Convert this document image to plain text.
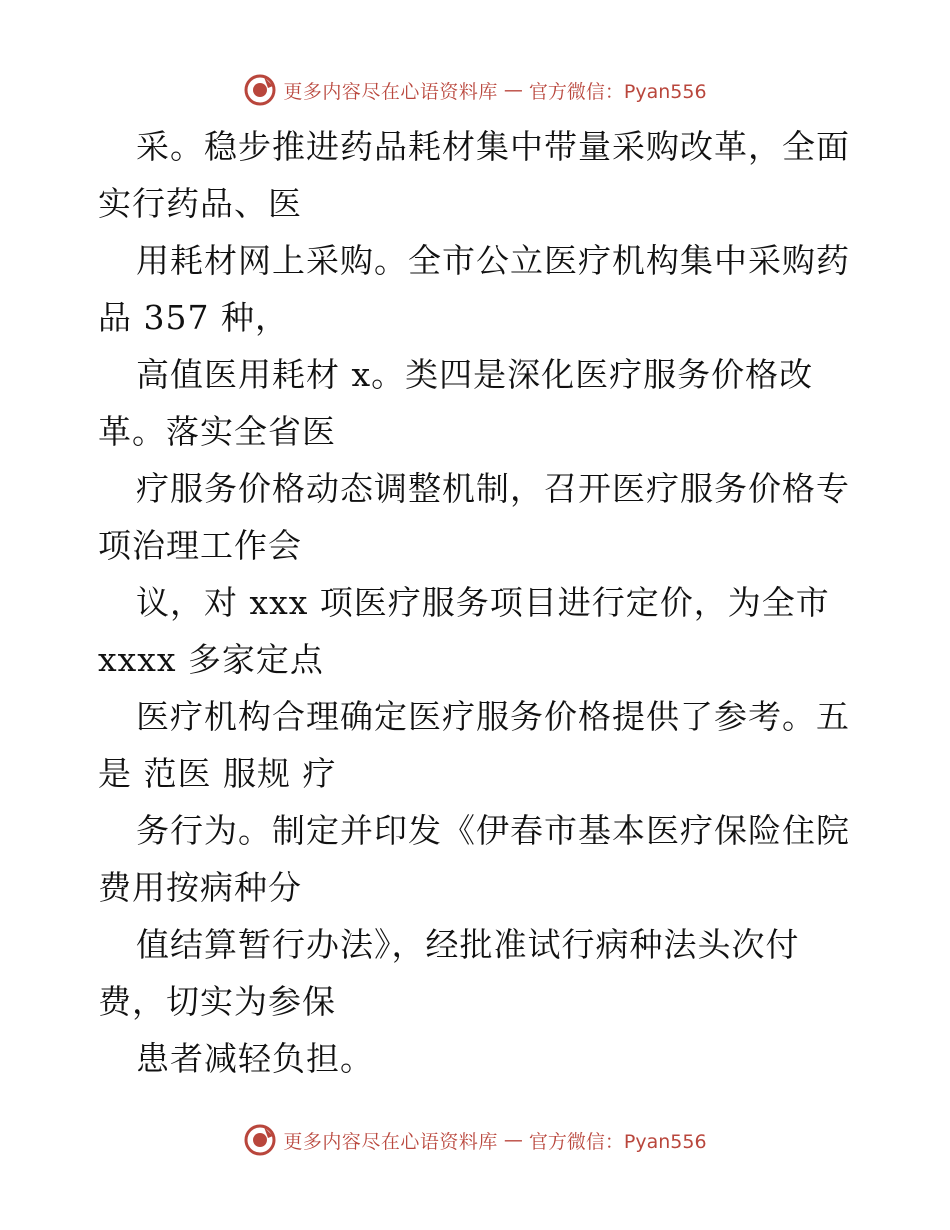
更多内容尽在心语资料库 — 官方微信：Pyan556

采。稳步推进药品耗材集中带量采购改革，全面
实行药品、医

用耗材网上采购。全市公立医疗机构集中采购药
品 357 种，

高值医用耗材 x。类四是深化医疗服务价格改
革。落实全省医

疗服务价格动态调整机制，召开医疗服务价格专
项治理工作会

议，对 xxx 项医疗服务项目进行定价，为全市
xxxx 多家定点

医疗机构合理确定医疗服务价格提供了参考。五
是 范医 服规 疗

务行为。制定并印发《伊春市基本医疗保险住院
费用按病种分

值结算暂行办法》，经批准试行病种法头次付
费，切实为参保

患者减轻负担。

更多内容尽在心语资料库 — 官方微信：Pyan556
